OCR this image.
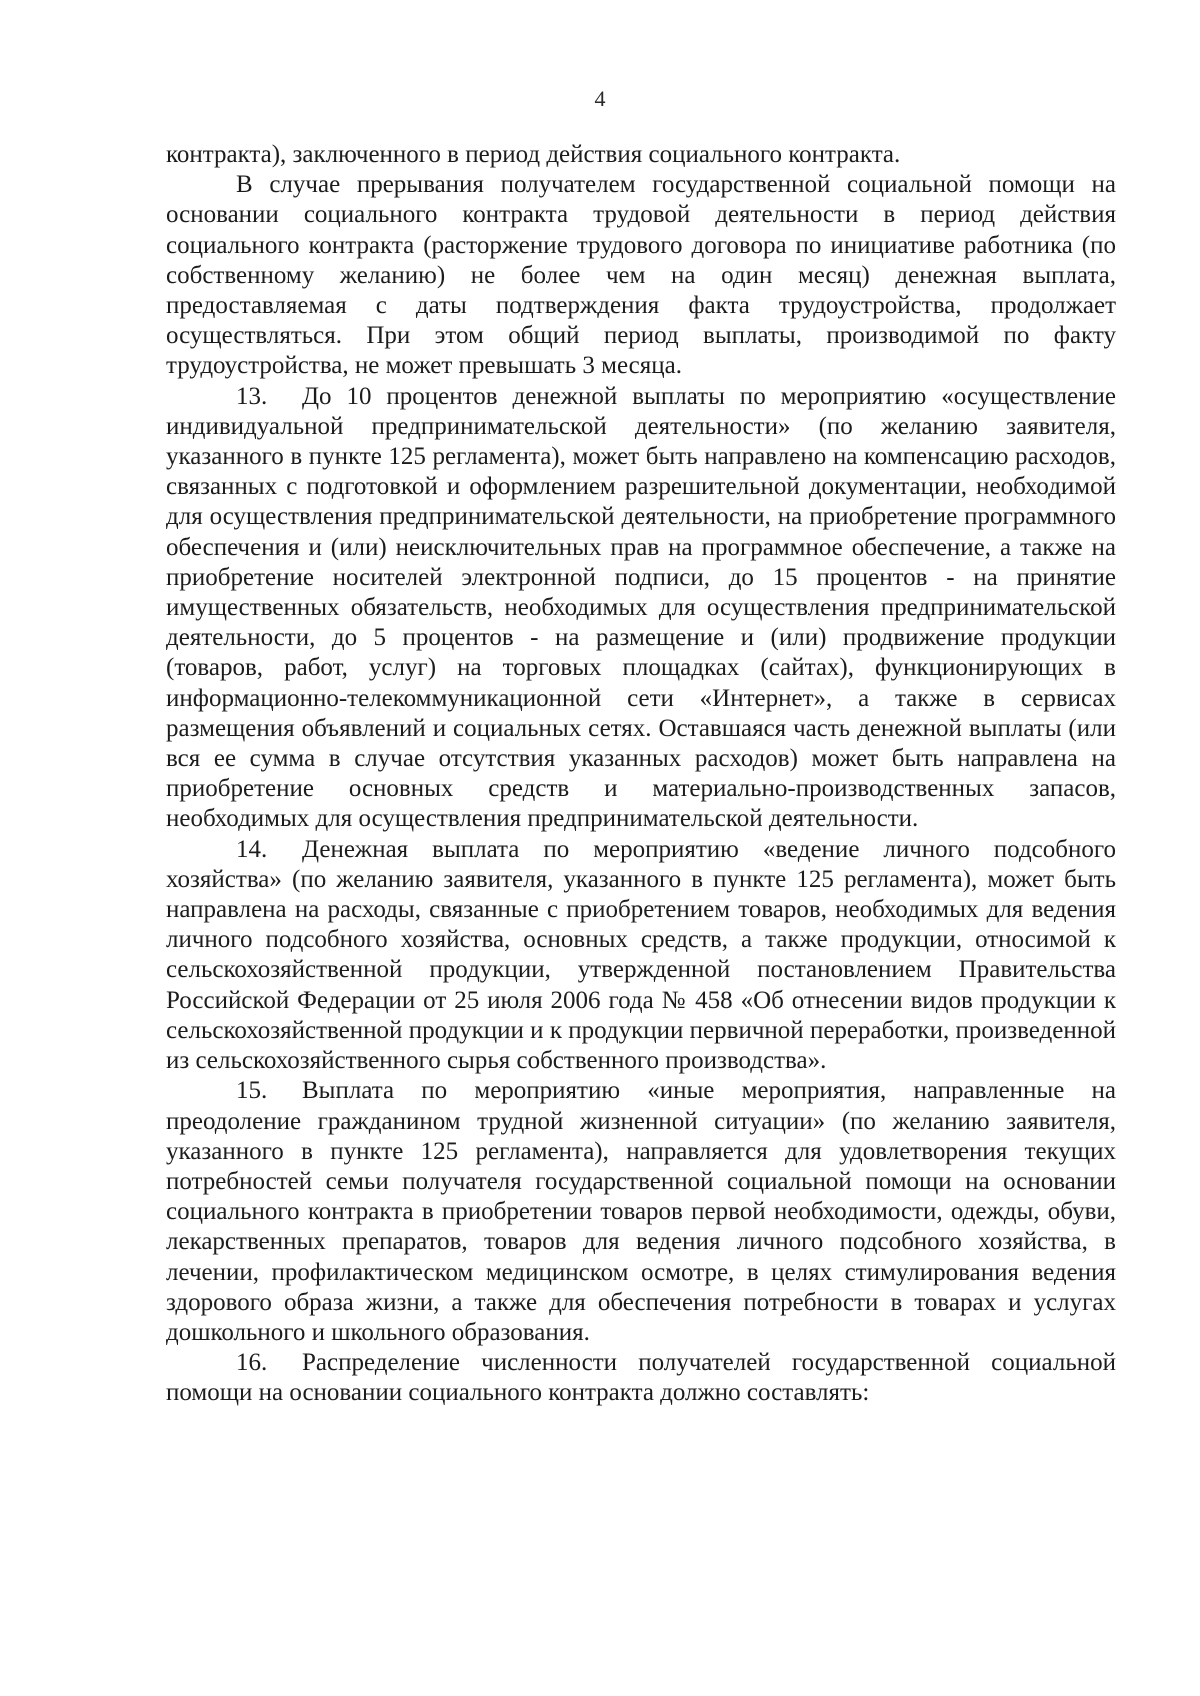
4

контракта), заключенного в период действия социального контракта.

В случае прерывания получателем государственной социальной помощи на основании социального контракта трудовой деятельности в период действия социального контракта (расторжение трудового договора по инициативе работника (по собственному желанию) не более чем на один месяц) денежная выплата, предоставляемая с даты подтверждения факта трудоустройства, продолжает осуществляться. При этом общий период выплаты, производимой по факту трудоустройства, не может превышать 3 месяца.

13. До 10 процентов денежной выплаты по мероприятию «осуществление индивидуальной предпринимательской деятельности» (по желанию заявителя, указанного в пункте 125 регламента), может быть направлено на компенсацию расходов, связанных с подготовкой и оформлением разрешительной документации, необходимой для осуществления предпринимательской деятельности, на приобретение программного обеспечения и (или) неисключительных прав на программное обеспечение, а также на приобретение носителей электронной подписи, до 15 процентов - на принятие имущественных обязательств, необходимых для осуществления предпринимательской деятельности, до 5 процентов - на размещение и (или) продвижение продукции (товаров, работ, услуг) на торговых площадках (сайтах), функционирующих в информационно-телекоммуникационной сети «Интернет», а также в сервисах размещения объявлений и социальных сетях. Оставшаяся часть денежной выплаты (или вся ее сумма в случае отсутствия указанных расходов) может быть направлена на приобретение основных средств и материально-производственных запасов, необходимых для осуществления предпринимательской деятельности.

14. Денежная выплата по мероприятию «ведение личного подсобного хозяйства» (по желанию заявителя, указанного в пункте 125 регламента), может быть направлена на расходы, связанные с приобретением товаров, необходимых для ведения личного подсобного хозяйства, основных средств, а также продукции, относимой к сельскохозяйственной продукции, утвержденной постановлением Правительства Российской Федерации от 25 июля 2006 года № 458 «Об отнесении видов продукции к сельскохозяйственной продукции и к продукции первичной переработки, произведенной из сельскохозяйственного сырья собственного производства».

15. Выплата по мероприятию «иные мероприятия, направленные на преодоление гражданином трудной жизненной ситуации» (по желанию заявителя, указанного в пункте 125 регламента), направляется для удовлетворения текущих потребностей семьи получателя государственной социальной помощи на основании социального контракта в приобретении товаров первой необходимости, одежды, обуви, лекарственных препаратов, товаров для ведения личного подсобного хозяйства, в лечении, профилактическом медицинском осмотре, в целях стимулирования ведения здорового образа жизни, а также для обеспечения потребности в товарах и услугах дошкольного и школьного образования.

16. Распределение численности получателей государственной социальной помощи на основании социального контракта должно составлять:
